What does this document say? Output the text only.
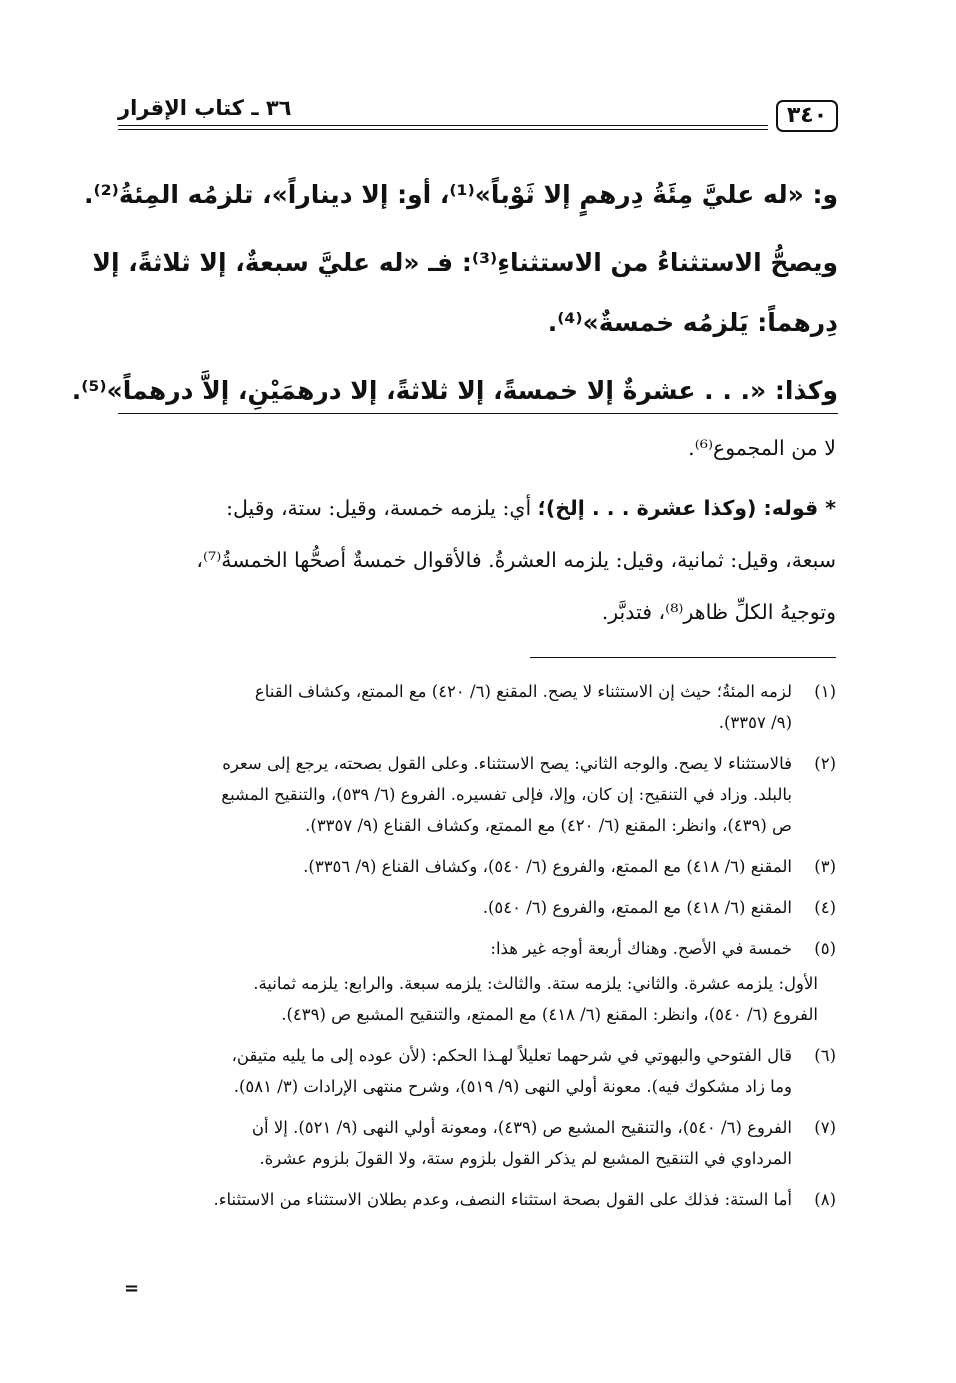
٣٤٠
٣٦ ـ كتاب الإقرار

و: «له عليَّ مِئَةُ دِرهمٍ إلا ثَوْباً»⁽¹⁾، أو: إلا ديناراً»، تلزمُه المِئةُ⁽²⁾.

ويصحُّ الاستثناءُ من الاستثناءِ⁽³⁾: فـ «له عليَّ سبعةٌ، إلا ثلاثةً، إلا

دِرهماً: يَلزمُه خمسةٌ»⁽⁴⁾.

وكذا: «. . . عشرةٌ إلا خمسةً، إلا ثلاثةً، إلا درهمَيْنِ، إلاَّ درهماً»⁽⁵⁾.

لا من المجموع⁽⁶⁾.

* قوله: (وكذا عشرة . . . إلخ)؛ أي: يلزمه خمسة، وقيل: ستة، وقيل:

سبعة، وقيل: ثمانية، وقيل: يلزمه العشرةُ. فالأقوال خمسةٌ أصحُّها الخمسةُ⁽⁷⁾،

وتوجيهُ الكلِّ ظاهر⁽⁸⁾، فتدبَّر.

(١)

لزمه المئةُ؛ حيث إن الاستثناء لا يصح. المقنع (٦/ ٤٢٠) مع الممتع، وكشاف القناع

(٩/ ٣٣٥٧).

(٢)

فالاستثناء لا يصح. والوجه الثاني: يصح الاستثناء. وعلى القول بصحته، يرجع إلى سعره

بالبلد. وزاد في التنقيح: إن كان، وإلا، فإلى تفسيره. الفروع (٦/ ٥٣٩)، والتنقيح المشبع

ص (٤٣٩)، وانظر: المقنع (٦/ ٤٢٠) مع الممتع، وكشاف القناع (٩/ ٣٣٥٧).

(٣)

المقنع (٦/ ٤١٨) مع الممتع، والفروع (٦/ ٥٤٠)، وكشاف القناع (٩/ ٣٣٥٦).

(٤)

المقنع (٦/ ٤١٨) مع الممتع، والفروع (٦/ ٥٤٠).

(٥)

خمسة في الأصح. وهناك أربعة أوجه غير هذا:

الأول: يلزمه عشرة. والثاني: يلزمه ستة. والثالث: يلزمه سبعة. والرابع: يلزمه ثمانية.

الفروع (٦/ ٥٤٠)، وانظر: المقنع (٦/ ٤١٨) مع الممتع، والتنقيح المشبع ص (٤٣٩).

(٦)

قال الفتوحي والبهوتي في شرحهما تعليلاً لهـذا الحكم: (لأن عوده إلى ما يليه متيقن،

وما زاد مشكوك فيه). معونة أولي النهى (٩/ ٥١٩)، وشرح منتهى الإرادات (٣/ ٥٨١).

(٧)

الفروع (٦/ ٥٤٠)، والتنقيح المشبع ص (٤٣٩)، ومعونة أولي النهى (٩/ ٥٢١). إلا أن

المرداوي في التنقيح المشبع لم يذكر القول بلزوم ستة، ولا القولَ بلزوم عشرة.

(٨)

أما الستة: فذلك على القول بصحة استثناء النصف، وعدم بطلان الاستثناء من الاستثناء.

=
